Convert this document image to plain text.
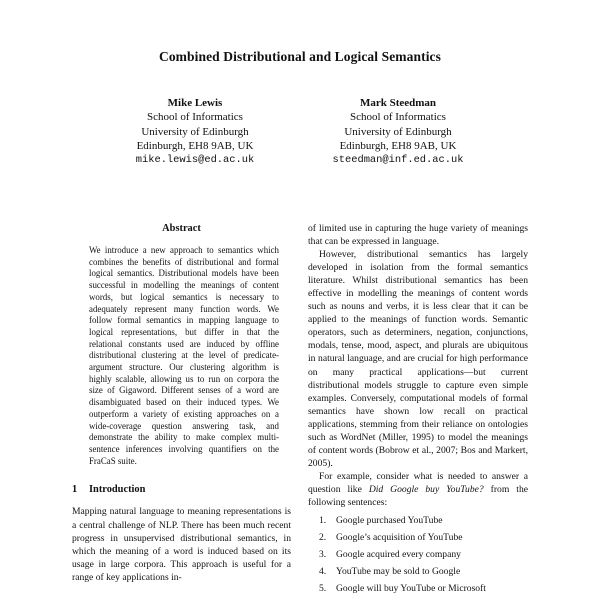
Combined Distributional and Logical Semantics
Mike Lewis
School of Informatics
University of Edinburgh
Edinburgh, EH8 9AB, UK
mike.lewis@ed.ac.uk
Mark Steedman
School of Informatics
University of Edinburgh
Edinburgh, EH8 9AB, UK
steedman@inf.ed.ac.uk
Abstract
We introduce a new approach to semantics which combines the benefits of distributional and formal logical semantics. Distributional models have been successful in modelling the meanings of content words, but logical semantics is necessary to adequately represent many function words. We follow formal semantics in mapping language to logical representations, but differ in that the relational constants used are induced by offline distributional clustering at the level of predicate-argument structure. Our clustering algorithm is highly scalable, allowing us to run on corpora the size of Gigaword. Different senses of a word are disambiguated based on their induced types. We outperform a variety of existing approaches on a wide-coverage question answering task, and demonstrate the ability to make complex multi-sentence inferences involving quantifiers on the FraCaS suite.
1 Introduction

Mapping natural language to meaning representations is a central challenge of NLP. There has been much recent progress in unsupervised distributional semantics, in which the meaning of a word is induced based on its usage in large corpora. This approach is useful for a range of key applications in-

of limited use in capturing the huge variety of meanings that can be expressed in language.

However, distributional semantics has largely developed in isolation from the formal semantics literature. Whilst distributional semantics has been effective in modelling the meanings of content words such as nouns and verbs, it is less clear that it can be applied to the meanings of function words. Semantic operators, such as determiners, negation, conjunctions, modals, tense, mood, aspect, and plurals are ubiquitous in natural language, and are crucial for high performance on many practical applications—but current distributional models struggle to capture even simple examples. Conversely, computational models of formal semantics have shown low recall on practical applications, stemming from their reliance on ontologies such as WordNet (Miller, 1995) to model the meanings of content words (Bobrow et al., 2007; Bos and Markert, 2005).

For example, consider what is needed to answer a question like Did Google buy YouTube? from the following sentences:

1. Google purchased YouTube
2. Google’s acquisition of YouTube
3. Google acquired every company
4. YouTube may be sold to Google
5. Google will buy YouTube or Microsoft
